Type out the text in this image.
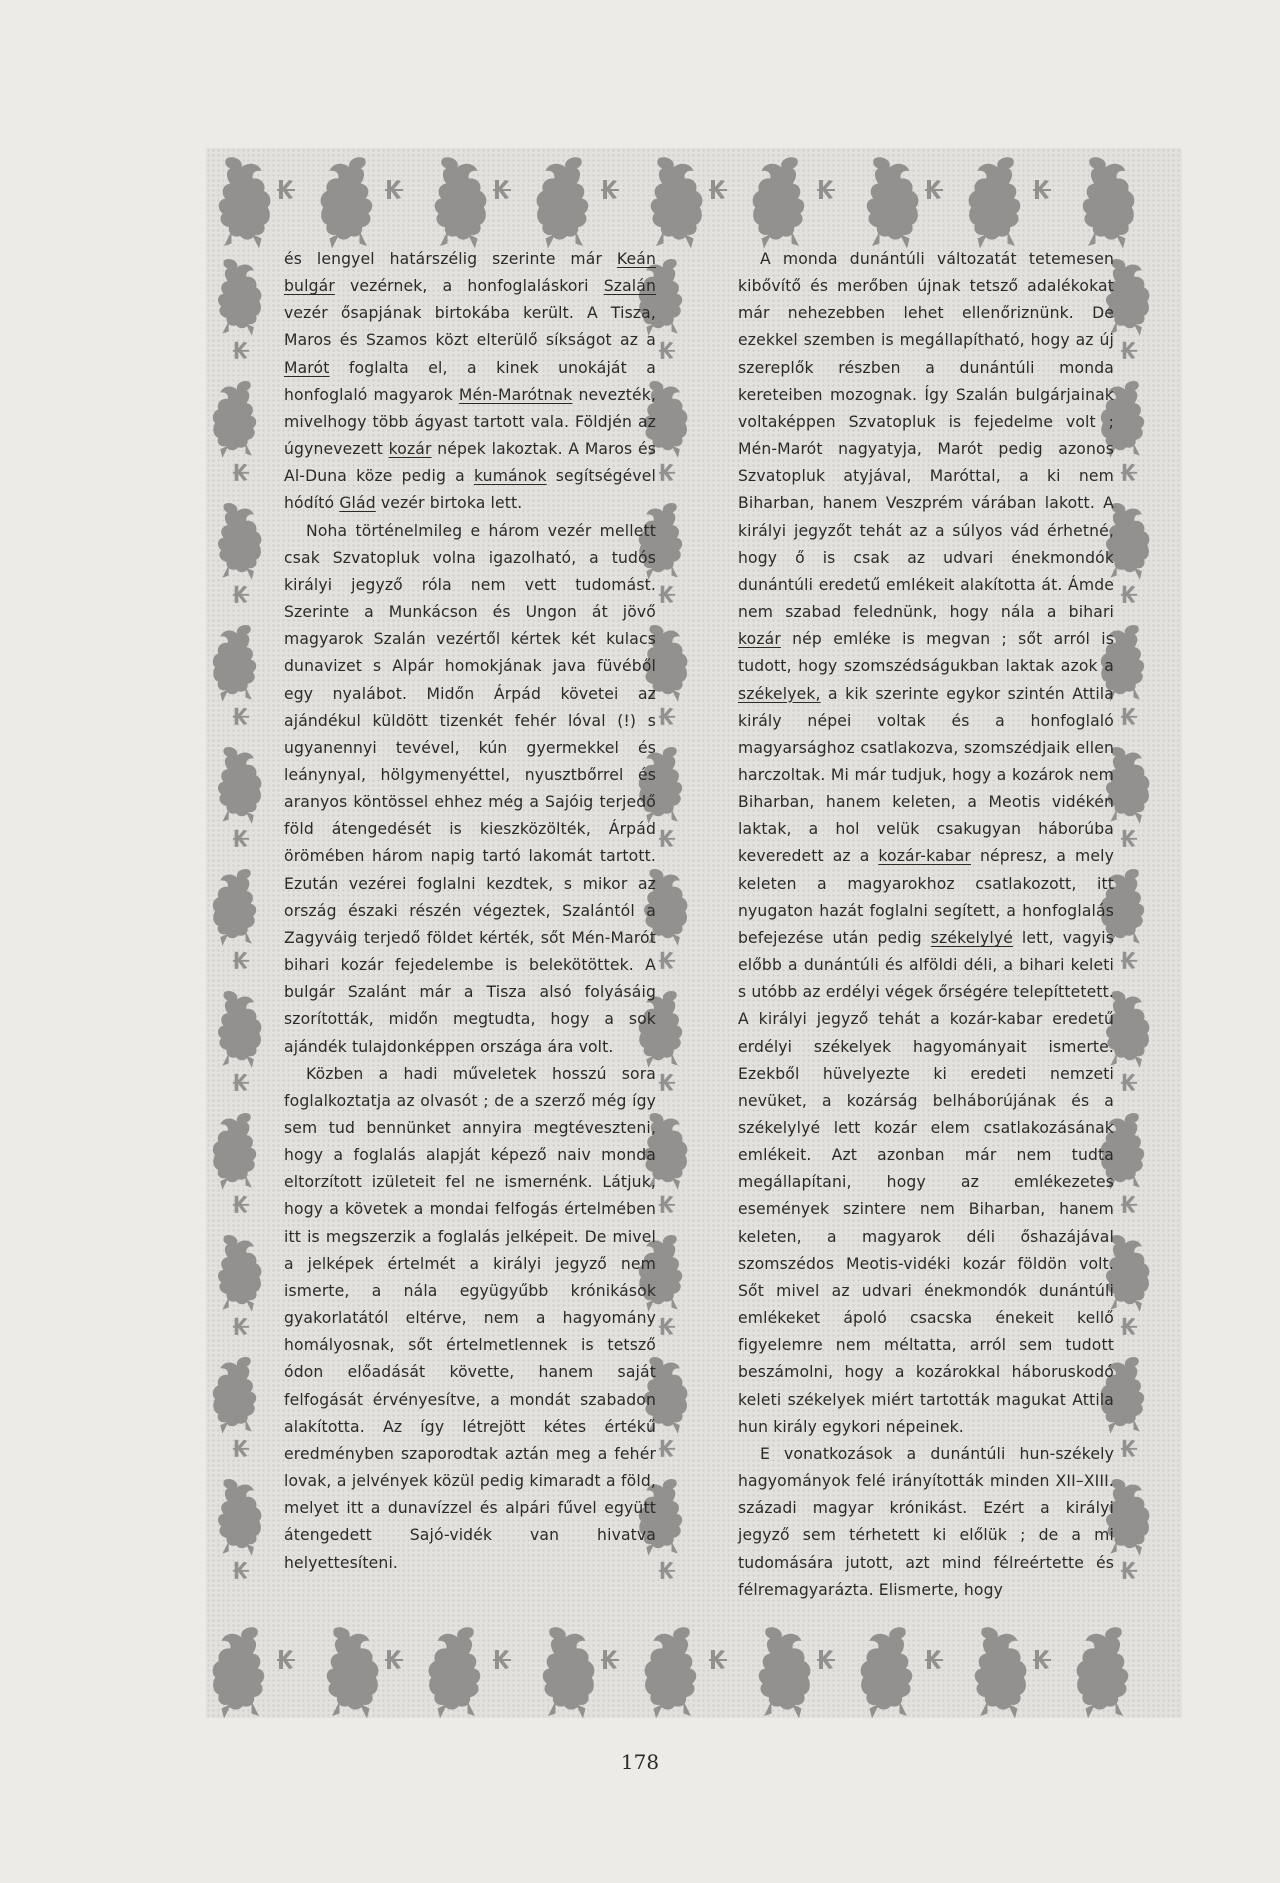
és lengyel határszélig szerinte már Keán bulgár vezérnek, a honfoglaláskori Szalán vezér ősapjának birtokába került. A Tisza, Maros és Szamos közt elterülő síkságot az a Marót foglalta el, a kinek unokáját a honfoglaló magyarok Mén-Marótnak nevezték, mivelhogy több ágyast tartott vala. Földjén az úgynevezett kozár népek lakoztak. A Maros és Al-Duna köze pedig a kumánok segítségével hódító Glád vezér birtoka lett.

Noha történelmileg e három vezér mellett csak Szvatopluk volna igazolható, a tudós királyi jegyző róla nem vett tudomást. Szerinte a Munkácson és Ungon át jövő magyarok Szalán vezértől kértek két kulacs dunavizet s Alpár homokjának java füvéből egy nyalábot. Midőn Árpád követei az ajándékul küldött tizenkét fehér lóval (!) s ugyanennyi tevével, kún gyermekkel és leánynyal, hölgymenyéttel, nyusztbőrrel és aranyos köntössel ehhez még a Sajóig terjedő föld átengedését is kieszközölték, Árpád örömében három napig tartó lakomát tartott. Ezután vezérei foglalni kezdtek, s mikor az ország északi részén végeztek, Szalántól a Zagyváig terjedő földet kérték, sőt Mén-Marót bihari kozár fejedelembe is belekötöttek. A bulgár Szalánt már a Tisza alsó folyásáig szorították, midőn megtudta, hogy a sok ajándék tulajdonképpen országa ára volt.

Közben a hadi műveletek hosszú sora foglalkoztatja az olvasót ; de a szerző még így sem tud bennünket annyira megtéveszteni, hogy a foglalás alapját képező naiv monda eltorzított izületeit fel ne ismernénk. Látjuk, hogy a követek a mondai felfogás értelmében itt is megszerzik a foglalás jelképeit. De mivel a jelképek értelmét a királyi jegyző nem ismerte, a nála együgyűbb krónikások gyakorlatától eltérve, nem a hagyomány homályosnak, sőt értelmetlennek is tetsző ódon előadását követte, hanem saját felfogását érvényesítve, a mondát szabadon alakította. Az így létrejött kétes értékű eredményben szaporodtak aztán meg a fehér lovak, a jelvények közül pedig kimaradt a föld, melyet itt a dunavízzel és alpári fűvel együtt átengedett Sajó-vidék van hivatva helyettesíteni.

A monda dunántúli változatát tetemesen kibővítő és merőben újnak tetsző adalékokat már nehezebben lehet ellenőriznünk. De ezekkel szemben is megállapítható, hogy az új szereplők részben a dunántúli monda kereteiben mozognak. Így Szalán bulgárjainak voltaképpen Szvatopluk is fejedelme volt ; Mén-Marót nagyatyja, Marót pedig azonos Szvatopluk atyjával, Maróttal, a ki nem Biharban, hanem Veszprém várában lakott. A királyi jegyzőt tehát az a súlyos vád érhetné, hogy ő is csak az udvari énekmondók dunántúli eredetű emlékeit alakította át. Ámde nem szabad felednünk, hogy nála a bihari kozár nép emléke is megvan ; sőt arról is tudott, hogy szomszédságukban laktak azok a székelyek, a kik szerinte egykor szintén Attila király népei voltak és a honfoglaló magyarsághoz csatlakozva, szomszédjaik ellen harczoltak. Mi már tudjuk, hogy a kozárok nem Biharban, hanem keleten, a Meotis vidékén laktak, a hol velük csakugyan háborúba keveredett az a kozár-kabar népresz, a mely keleten a magyarokhoz csatlakozott, itt nyugaton hazát foglalni segített, a honfoglalás befejezése után pedig székelylyé lett, vagyis előbb a dunántúli és alföldi déli, a bihari keleti s utóbb az erdélyi végek őrségére telepíttetett. A királyi jegyző tehát a kozár-kabar eredetű erdélyi székelyek hagyományait ismerte. Ezekből hüvelyezte ki eredeti nemzeti nevüket, a kozárság belháborújának és a székelylyé lett kozár elem csatlakozásának emlékeit. Azt azonban már nem tudta megállapítani, hogy az emlékezetes események szintere nem Biharban, hanem keleten, a magyarok déli őshazájával szomszédos Meotis-vidéki kozár földön volt. Sőt mivel az udvari énekmondók dunántúli emlékeket ápoló csacska énekeit kellő figyelemre nem méltatta, arról sem tudott beszámolni, hogy a kozárokkal háboruskodó keleti székelyek miért tartották magukat Attila hun király egykori népeinek.

E vonatkozások a dunántúli hun-székely hagyományok felé irányították minden XII–XIII. századi magyar krónikást. Ezért a királyi jegyző sem térhetett ki előlük ; de a mi tudomására jutott, azt mind félreértette és félremagyarázta. Elismerte, hogy

178
